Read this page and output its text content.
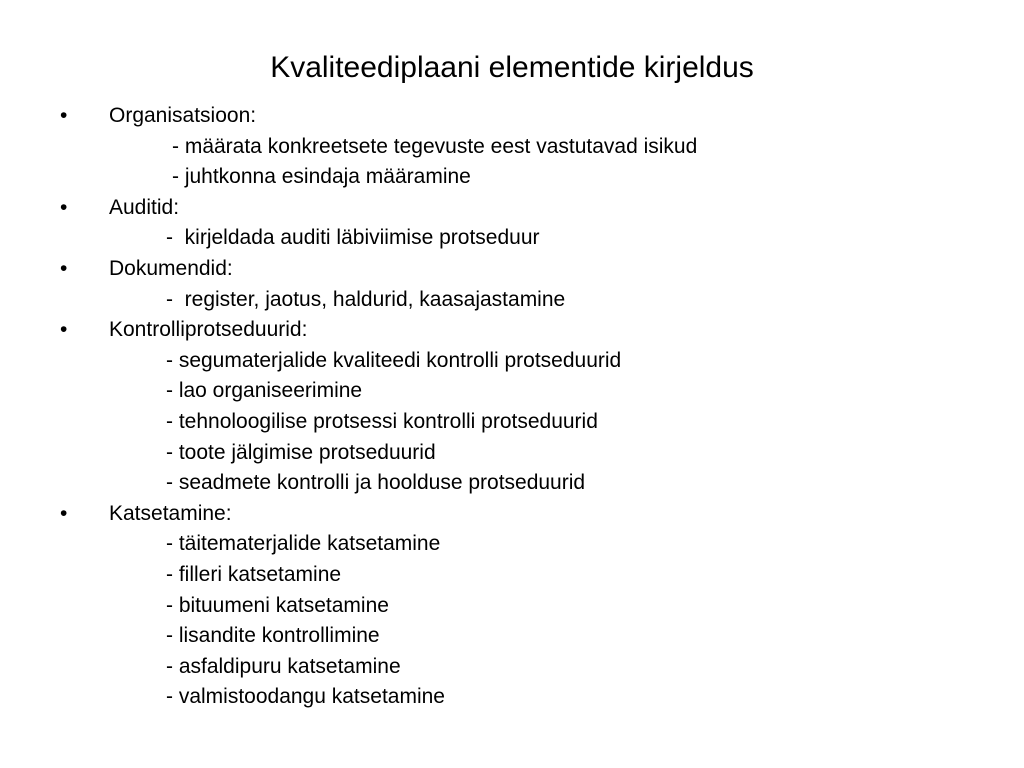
Kvaliteediplaani elementide kirjeldus
• Organisatsioon:
- määrata konkreetsete tegevuste eest vastutavad isikud
- juhtkonna esindaja määramine
• Auditid:
-  kirjeldada auditi läbiviimise protseduur
• Dokumendid:
-  register, jaotus, haldurid, kaasajastamine
• Kontrolliprotseduurid:
- segumaterjalide kvaliteedi kontrolli protseduurid
- lao organiseerimine
- tehnoloogilise protsessi kontrolli protseduurid
- toote jälgimise protseduurid
- seadmete kontrolli ja hoolduse protseduurid
• Katsetamine:
- täitematerjalide katsetamine
- filleri katsetamine
- bituumeni katsetamine
- lisandite kontrollimine
- asfaldipuru katsetamine
- valmistoodangu katsetamine
